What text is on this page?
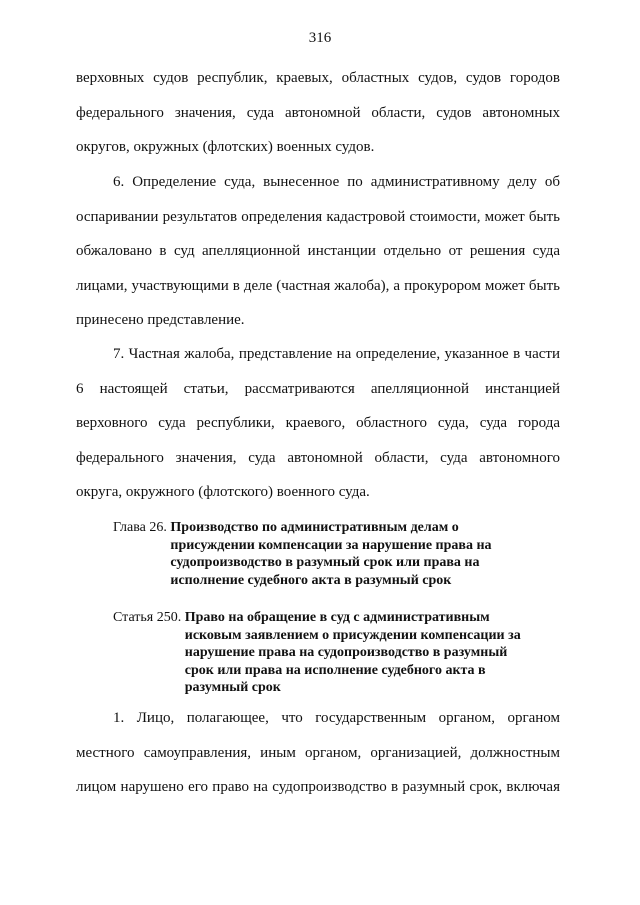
316

верховных судов республик, краевых, областных судов, судов городов федерального значения, суда автономной области, судов автономных округов, окружных (флотских) военных судов.

6. Определение суда, вынесенное по административному делу об оспаривании результатов определения кадастровой стоимости, может быть обжаловано в суд апелляционной инстанции отдельно от решения суда лицами, участвующими в деле (частная жалоба), а прокурором может быть принесено представление.

7. Частная жалоба, представление на определение, указанное в части 6 настоящей статьи, рассматриваются апелляционной инстанцией верховного суда республики, краевого, областного суда, суда города федерального значения, суда автономной области, суда автономного округа, окружного (флотского) военного суда.

Глава 26.
Производство по административным делам о
присуждении компенсации за нарушение права на
судопроизводство в разумный срок или права на
исполнение судебного акта в разумный срок
Статья 250.
Право на обращение в суд с административным
исковым заявлением о присуждении компенсации за
нарушение права на судопроизводство в разумный
срок или права на исполнение судебного акта в
разумный срок

1. Лицо, полагающее, что государственным органом, органом местного самоуправления, иным органом, организацией, должностным лицом нарушено его право на судопроизводство в разумный срок, включая
